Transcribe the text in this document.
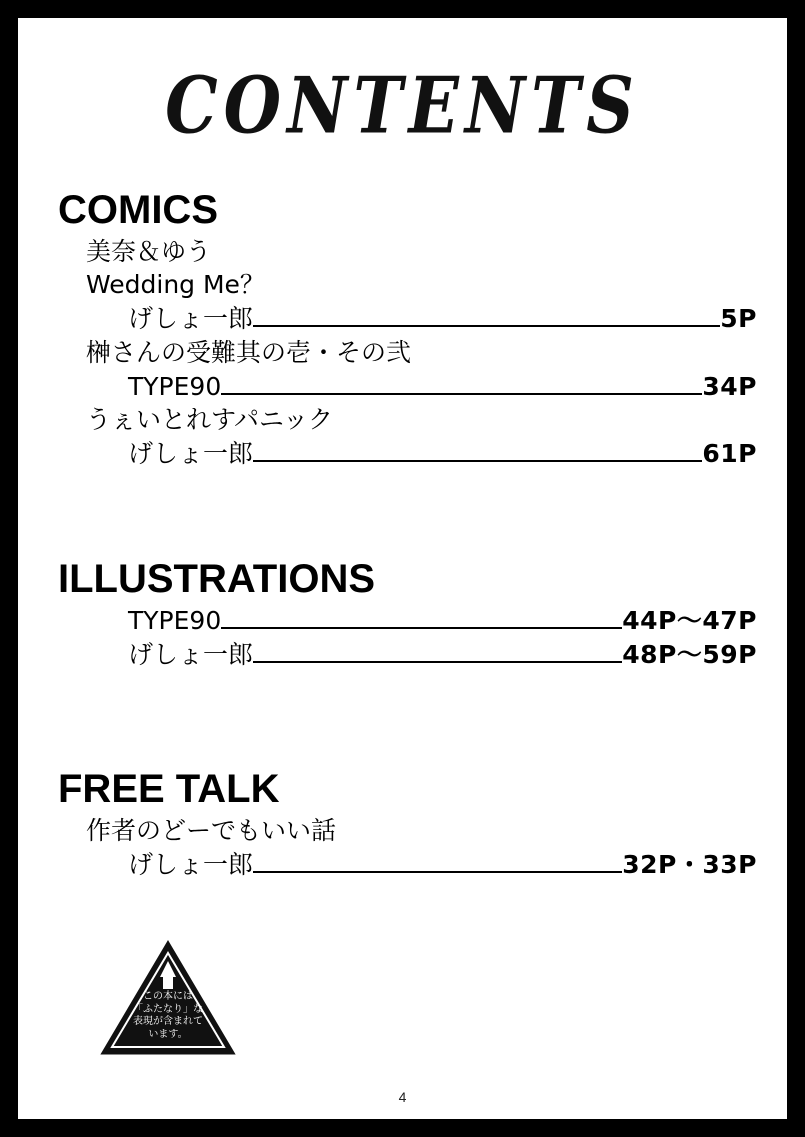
CONTENTS
COMICS
美奈＆ゆう
Wedding Me？
げしょ一郎	5P
榊さんの受難其の壱・その弐
TYPE90	34P
うぇいとれすパニック
げしょ一郎	61P
ILLUSTRATIONS
TYPE90	44P〜47P
げしょ一郎	48P〜59P
FREE TALK
作者のどーでもいい話
げしょ一郎	32P・33P
この本には
「ふたなり」な
表現が含まれて
います。
4
